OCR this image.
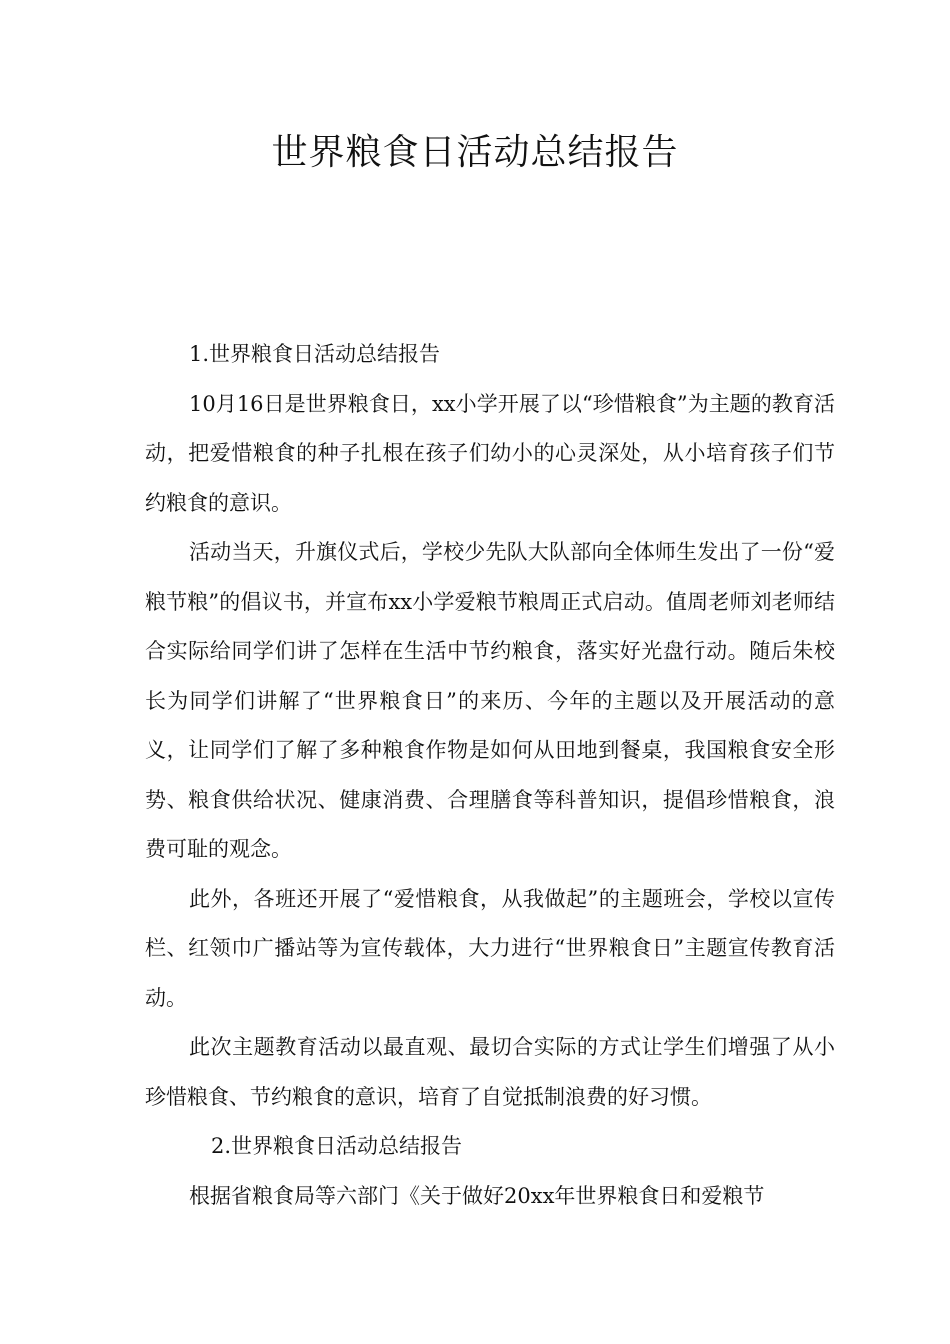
世界粮食日活动总结报告

1.世界粮食日活动总结报告

10月16日是世界粮食日，xx小学开展了以“珍惜粮食”为主题的教育活动，把爱惜粮食的种子扎根在孩子们幼小的心灵深处，从小培育孩子们节约粮食的意识。

活动当天，升旗仪式后，学校少先队大队部向全体师生发出了一份“爱粮节粮”的倡议书，并宣布xx小学爱粮节粮周正式启动。值周老师刘老师结合实际给同学们讲了怎样在生活中节约粮食，落实好光盘行动。随后朱校长为同学们讲解了“世界粮食日”的来历、今年的主题以及开展活动的意义，让同学们了解了多种粮食作物是如何从田地到餐桌，我国粮食安全形势、粮食供给状况、健康消费、合理膳食等科普知识，提倡珍惜粮食，浪费可耻的观念。

此外，各班还开展了“爱惜粮食，从我做起”的主题班会，学校以宣传栏、红领巾广播站等为宣传载体，大力进行“世界粮食日”主题宣传教育活动。

此次主题教育活动以最直观、最切合实际的方式让学生们增强了从小珍惜粮食、节约粮食的意识，培育了自觉抵制浪费的好习惯。

2.世界粮食日活动总结报告

根据省粮食局等六部门《关于做好20xx年世界粮食日和爱粮节
